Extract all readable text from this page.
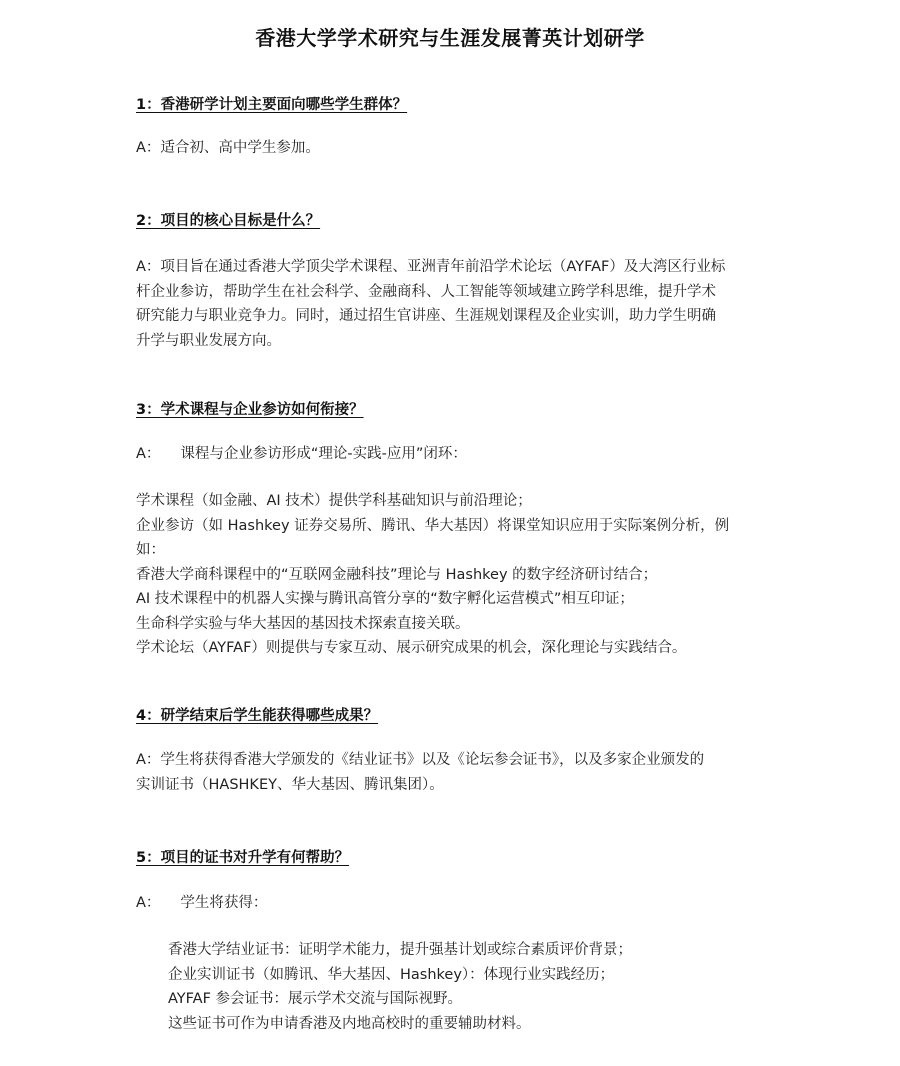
香港大学学术研究与生涯发展菁英计划研学
1：香港研学计划主要面向哪些学生群体？

A：适合初、高中学生参加。

2：项目的核心目标是什么？

A：项目旨在通过香港大学顶尖学术课程、亚洲青年前沿学术论坛（AYFAF）及大湾区行业标

杆企业参访，帮助学生在社会科学、金融商科、人工智能等领域建立跨学科思维，提升学术

研究能力与职业竞争力。同时，通过招生官讲座、生涯规划课程及企业实训，助力学生明确

升学与职业发展方向。

3：学术课程与企业参访如何衔接？

A： 课程与企业参访形成“理论-实践-应用”闭环：

学术课程（如金融、AI 技术）提供学科基础知识与前沿理论；

企业参访（如 Hashkey 证券交易所、腾讯、华大基因）将课堂知识应用于实际案例分析，例

如：

香港大学商科课程中的“互联网金融科技”理论与 Hashkey 的数字经济研讨结合；

AI 技术课程中的机器人实操与腾讯高管分享的“数字孵化运营模式”相互印证；

生命科学实验与华大基因的基因技术探索直接关联。

学术论坛（AYFAF）则提供与专家互动、展示研究成果的机会，深化理论与实践结合。

4：研学结束后学生能获得哪些成果？

A：学生将获得香港大学颁发的《结业证书》以及《论坛参会证书》，以及多家企业颁发的

实训证书（HASHKEY、华大基因、腾讯集团）。

5：项目的证书对升学有何帮助？

A： 学生将获得：

香港大学结业证书：证明学术能力，提升强基计划或综合素质评价背景；

企业实训证书（如腾讯、华大基因、Hashkey）：体现行业实践经历；

AYFAF 参会证书：展示学术交流与国际视野。

这些证书可作为申请香港及内地高校时的重要辅助材料。
